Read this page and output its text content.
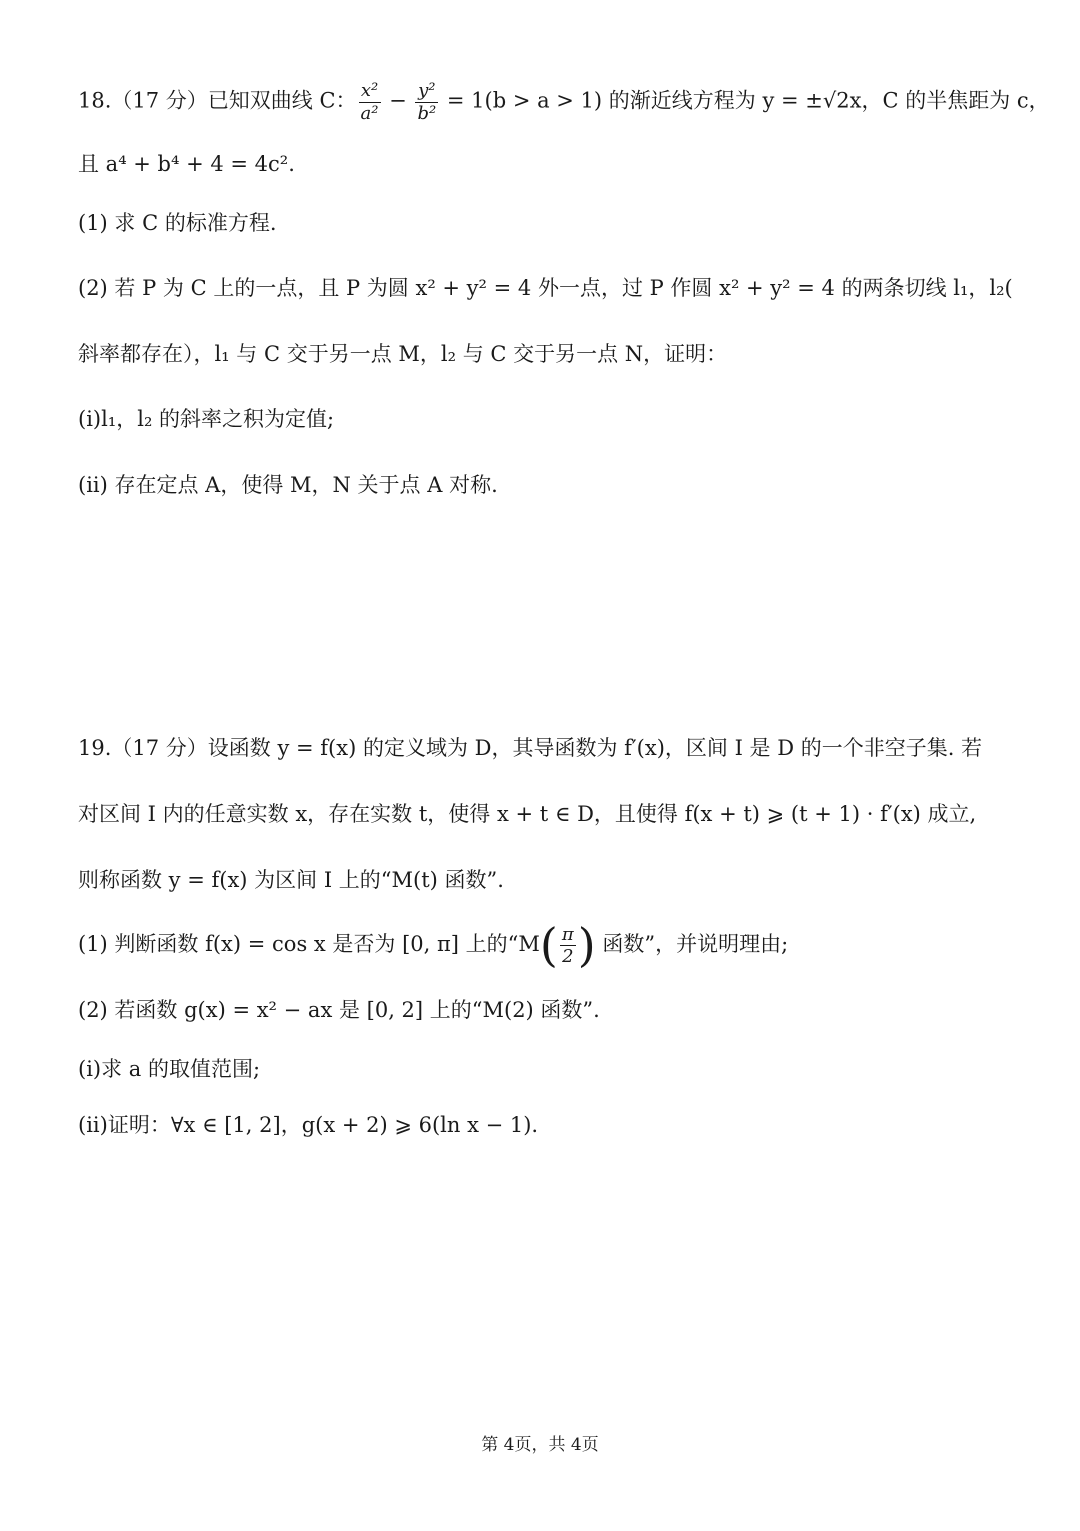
18.（17 分）已知双曲线 C： $\frac{\text{x²}}{\text{a²}} - \frac{\text{y²}}{\text{b²}} = 1(b > a > 1)$ 的渐近线方程为 y = ±√2x，C 的半焦距为 c，
且 a⁴ + b⁴ + 4 = 4c².
(1) 求 C 的标准方程.
(2) 若 P 为 C 上的一点，且 P 为圆 x² + y² = 4 外一点，过 P 作圆 x² + y² = 4 的两条切线 l₁，l₂(
斜率都存在），l₁ 与 C 交于另一点 M，l₂ 与 C 交于另一点 N，证明：
(i)l₁，l₂ 的斜率之积为定值;
(ii) 存在定点 A，使得 M，N 关于点 A 对称.
19.（17 分）设函数 y = f(x) 的定义域为 D，其导函数为 f′(x)，区间 I 是 D 的一个非空子集. 若
对区间 I 内的任意实数 x，存在实数 t，使得 x + t ∈ D，且使得 f(x + t) ⩾ (t + 1) · f′(x) 成立,
则称函数 y = f(x) 为区间 I 上的“M(t) 函数”.
(1) 判断函数 f(x) = cos x 是否为 [0, π] 上的“$M( \frac{\pi}{2}$ ) 函数”，并说明理由;
(2) 若函数 g(x) = x² − ax 是 [0, 2] 上的“M(2) 函数”.
(i)求 a 的取值范围;
(ii)证明：∀x ∈ [1, 2]，g(x + 2) ⩾ 6(ln x − 1).
第 4页，共 4页
